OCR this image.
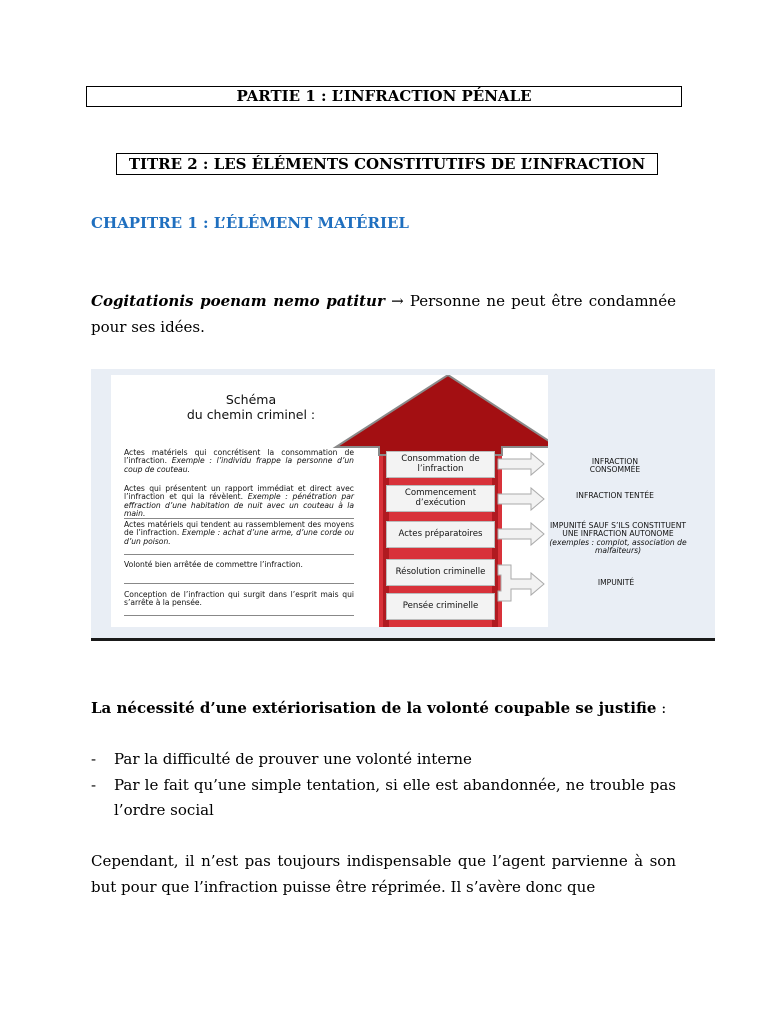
PARTIE 1 : L’INFRACTION PÉNALE
TITRE 2 : LES ÉLÉMENTS CONSTITUTIFS DE L’INFRACTION
CHAPITRE 1 : L’ÉLÉMENT MATÉRIEL
Cogitationis poenam nemo patitur → Personne ne peut être condamnée pour ses idées.
Schéma
du chemin criminel :
Actes matériels qui concrétisent la consommation de l’infraction. Exemple : l’individu frappe la personne d’un coup de couteau.
Actes qui présentent un rapport immédiat et direct avec l’infraction et qui la révèlent. Exemple : pénétration par effraction d’une habitation de nuit avec un couteau à la main.
Actes matériels qui tendent au rassemblement des moyens de l’infraction. Exemple : achat d’une arme, d’une corde ou d’un poison.
Volonté bien arrêtée de commettre l’infraction.
Conception de l’infraction qui surgit dans l’esprit mais qui s’arrête à la pensée.
Consommation de l’infraction
Commencement d’exécution
Actes préparatoires
Résolution criminelle
Pensée criminelle
INFRACTION CONSOMMÉE
INFRACTION TENTÉE
IMPUNITÉ SAUF S’ILS CONSTITUENT UNE INFRACTION AUTONOME
(exemples : complot, association de malfaiteurs)
IMPUNITÉ
La nécessité d’une extériorisation de la volonté coupable se justifie :
- Par la difficulté de prouver une volonté interne
- Par le fait qu’une simple tentation, si elle est abandonnée, ne trouble pas l’ordre social
Cependant, il n’est pas toujours indispensable que l’agent parvienne à son but pour que l’infraction puisse être réprimée. Il s’avère donc que
